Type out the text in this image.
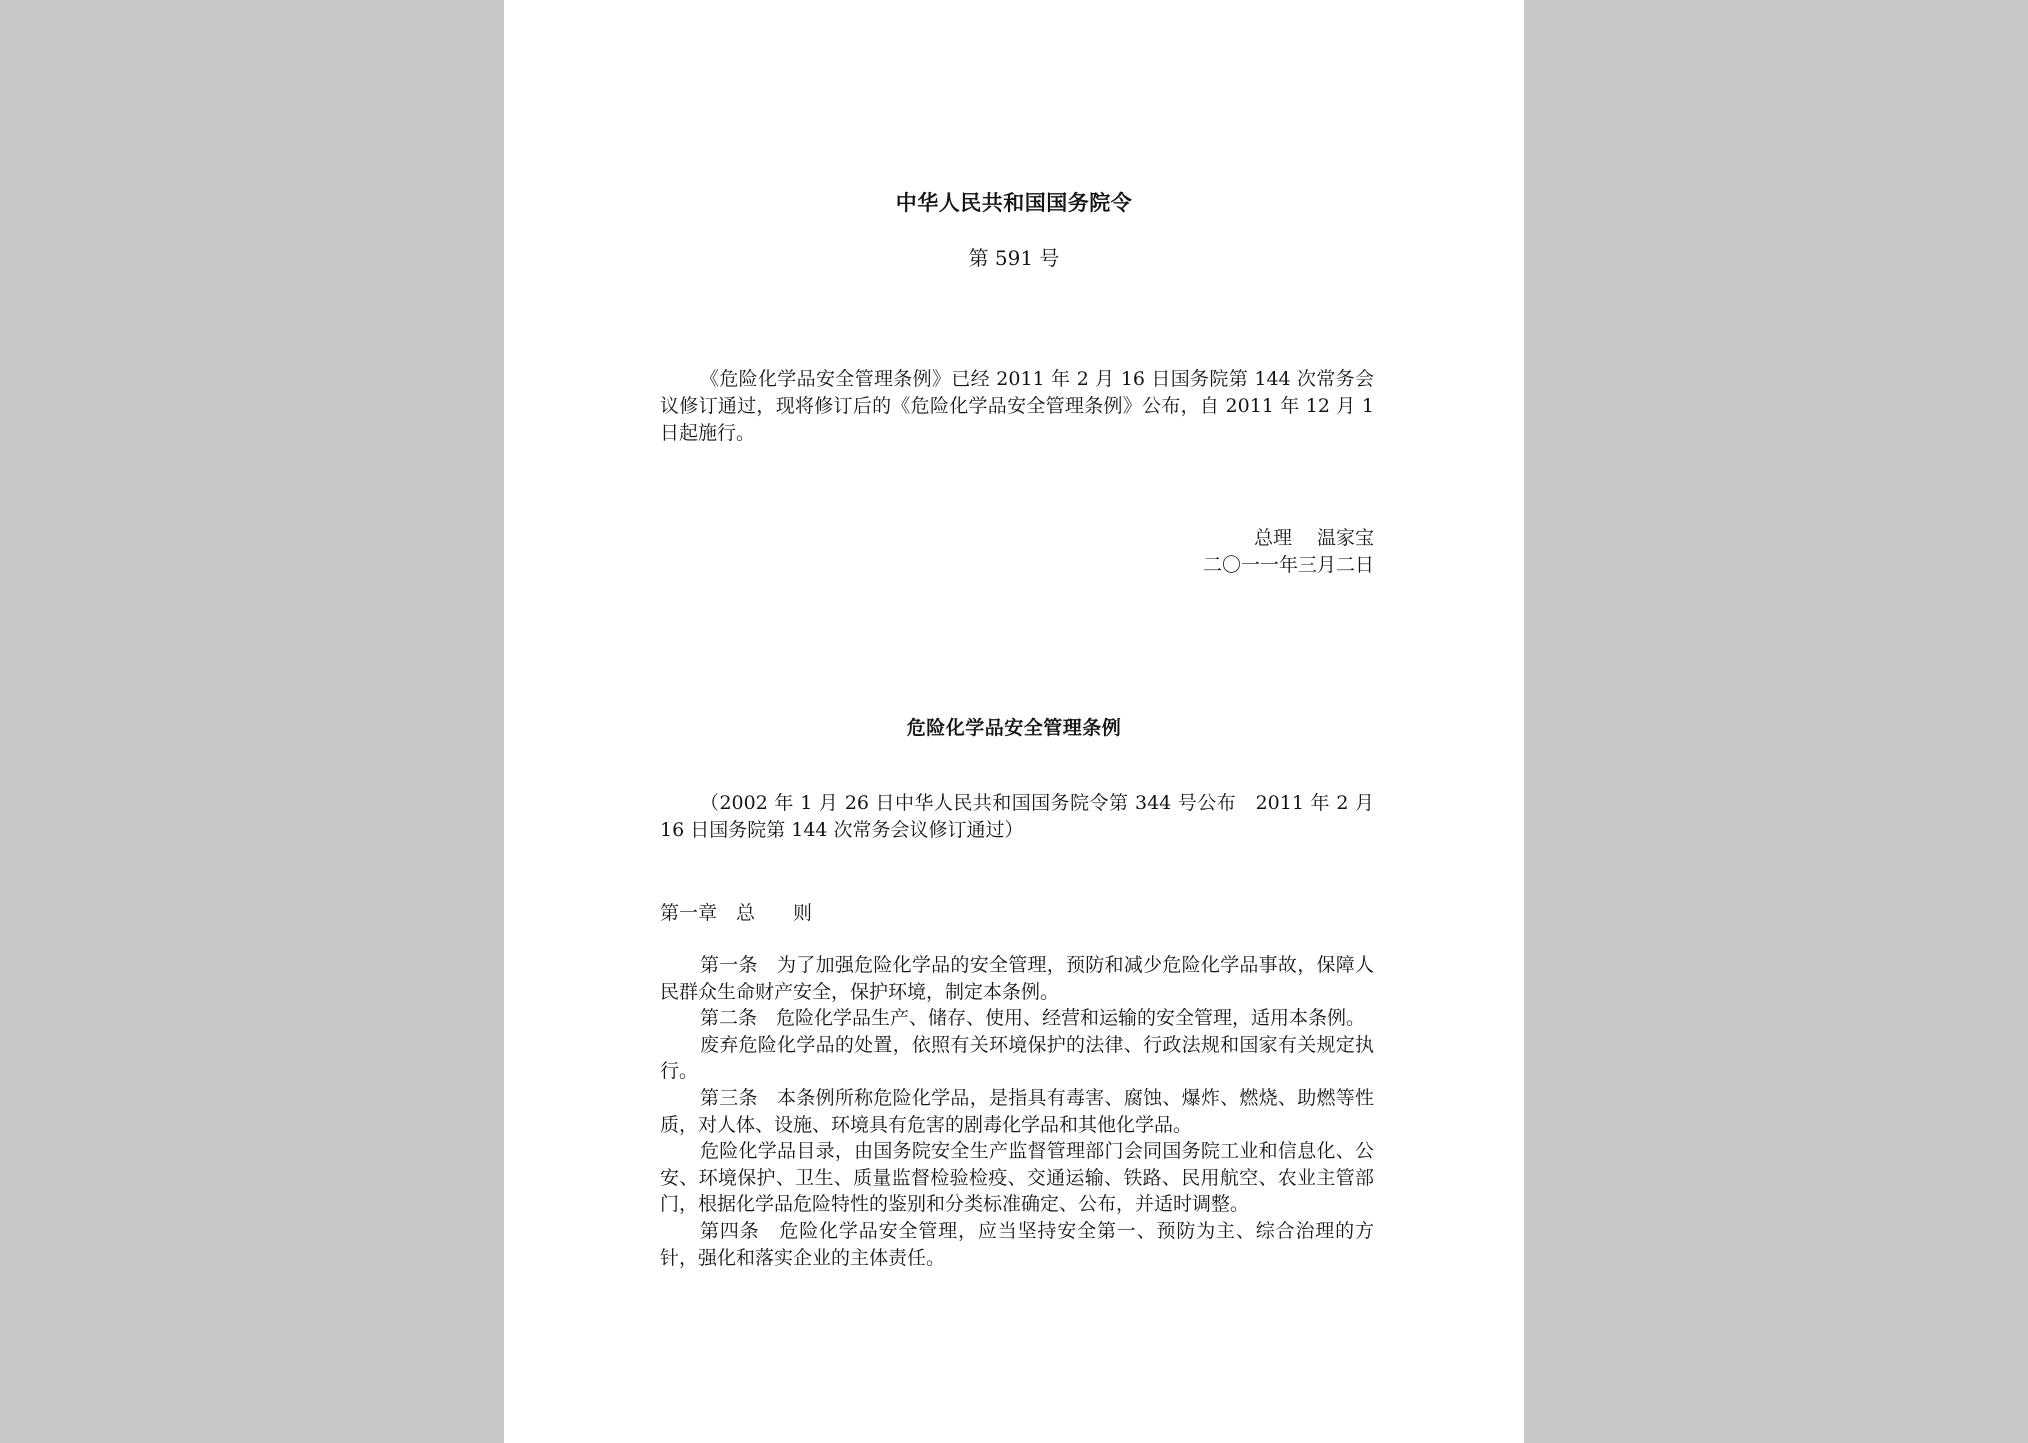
中华人民共和国国务院令
第 591 号

《危险化学品安全管理条例》已经 2011 年 2 月 16 日国务院第 144 次常务会议修订通过，现将修订后的《危险化学品安全管理条例》公布，自 2011 年 12 月 1 日起施行。

总理　 温家宝
二〇一一年三月二日
危险化学品安全管理条例

（2002 年 1 月 26 日中华人民共和国国务院令第 344 号公布　2011 年 2 月 16 日国务院第 144 次常务会议修订通过）

第一章　总　　则

第一条　为了加强危险化学品的安全管理，预防和减少危险化学品事故，保障人民群众生命财产安全，保护环境，制定本条例。

第二条　危险化学品生产、储存、使用、经营和运输的安全管理，适用本条例。

废弃危险化学品的处置，依照有关环境保护的法律、行政法规和国家有关规定执行。

第三条　本条例所称危险化学品，是指具有毒害、腐蚀、爆炸、燃烧、助燃等性质，对人体、设施、环境具有危害的剧毒化学品和其他化学品。

危险化学品目录，由国务院安全生产监督管理部门会同国务院工业和信息化、公安、环境保护、卫生、质量监督检验检疫、交通运输、铁路、民用航空、农业主管部门，根据化学品危险特性的鉴别和分类标准确定、公布，并适时调整。

第四条　危险化学品安全管理，应当坚持安全第一、预防为主、综合治理的方针，强化和落实企业的主体责任。
